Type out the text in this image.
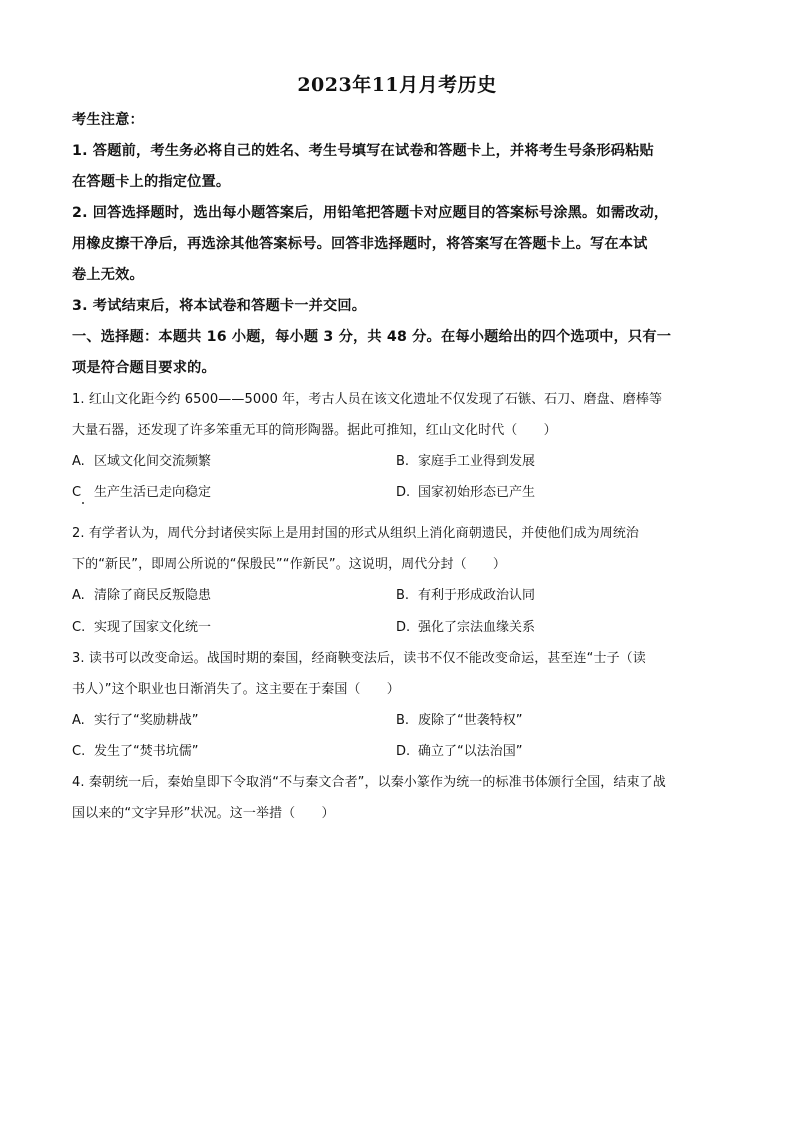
2023年11月月考历史
考生注意：
1. 答题前，考生务必将自己的姓名、考生号填写在试卷和答题卡上，并将考生号条形码粘贴
在答题卡上的指定位置。
2. 回答选择题时，选出每小题答案后，用铅笔把答题卡对应题目的答案标号涂黑。如需改动，
用橡皮擦干净后，再选涂其他答案标号。回答非选择题时，将答案写在答题卡上。写在本试
卷上无效。
3. 考试结束后，将本试卷和答题卡一并交回。
一、选择题：本题共 16 小题，每小题 3 分，共 48 分。在每小题给出的四个选项中，只有一
项是符合题目要求的。
1. 红山文化距今约 6500——5000 年，考古人员在该文化遗址不仅发现了石镞、石刀、磨盘、磨棒等
大量石器，还发现了许多笨重无耳的筒形陶器。据此可推知，红山文化时代（　　）
A. 区域文化间交流频繁	B. 家庭手工业得到发展
C 生产生活已走向稳定	D. 国家初始形态已产生
2. 有学者认为，周代分封诸侯实际上是用封国的形式从组织上消化商朝遗民，并使他们成为周统治
下的“新民”，即周公所说的“保殷民”“作新民”。这说明，周代分封（　　）
A. 清除了商民反叛隐患	B. 有利于形成政治认同
C. 实现了国家文化统一	D. 强化了宗法血缘关系
3. 读书可以改变命运。战国时期的秦国，经商鞅变法后，读书不仅不能改变命运，甚至连“士子（读
书人）”这个职业也日渐消失了。这主要在于秦国（　　）
A. 实行了“奖励耕战”	B. 废除了“世袭特权”
C. 发生了“焚书坑儒”	D. 确立了“以法治国”
4. 秦朝统一后，秦始皇即下令取消“不与秦文合者”，以秦小篆作为统一的标准书体颁行全国，结束了战
国以来的“文字异形”状况。这一举措（　　）
